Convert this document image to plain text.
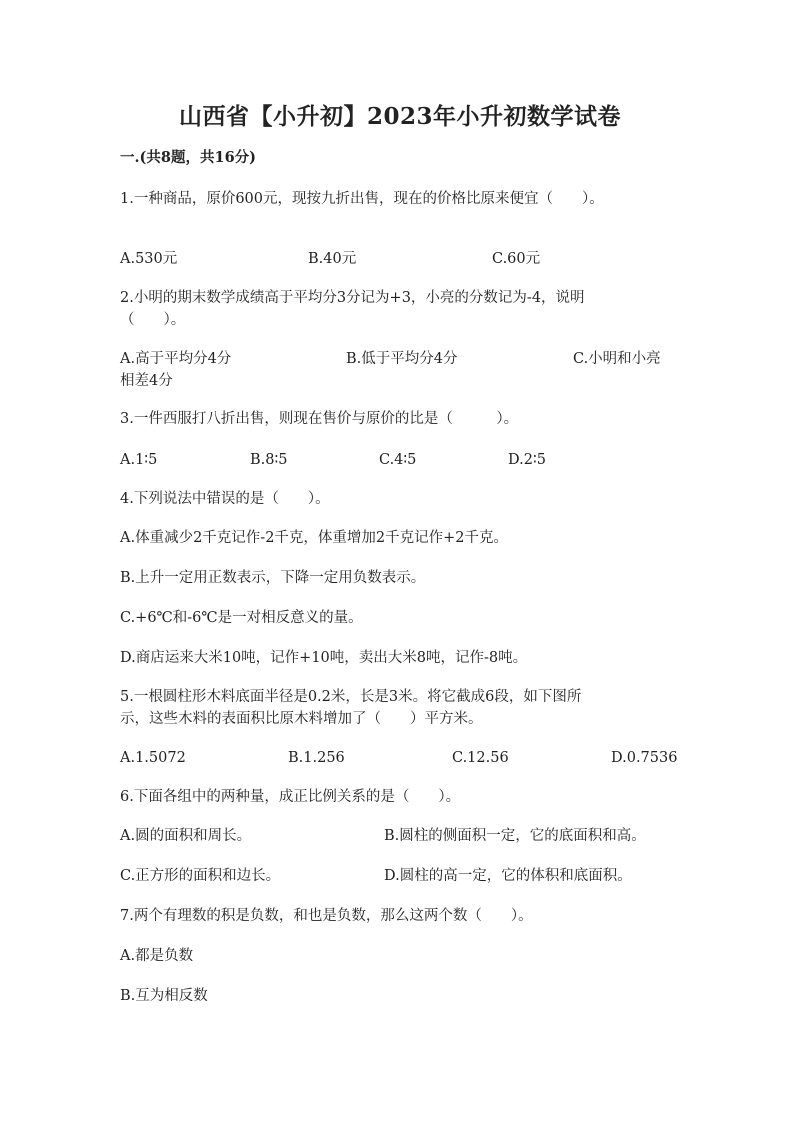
山西省【小升初】2023年小升初数学试卷
一.(共8题，共16分)
1.一种商品，原价600元，现按九折出售，现在的价格比原来便宜（　　）。
A.530元	B.40元	C.60元
2.小明的期末数学成绩高于平均分3分记为+3，小亮的分数记为-4，说明
（　　）。
A.高于平均分4分	B.低于平均分4分	C.小明和小亮
相差4分
3.一件西服打八折出售，则现在售价与原价的比是（　　　）。
A.1∶5	B.8∶5	C.4∶5	D.2∶5
4.下列说法中错误的是（　　）。
A.体重减少2千克记作-2千克，体重增加2千克记作+2千克。
B.上升一定用正数表示，下降一定用负数表示。
C.+6℃和-6℃是一对相反意义的量。
D.商店运来大米10吨，记作+10吨，卖出大米8吨，记作-8吨。
5.一根圆柱形木料底面半径是0.2米，长是3米。将它截成6段，如下图所
示，这些木料的表面积比原木料增加了（　　）平方米。
A.1.5072	B.1.256	C.12.56	D.0.7536
6.下面各组中的两种量，成正比例关系的是（　　）。
A.圆的面积和周长。	B.圆柱的侧面积一定，它的底面积和高。
C.正方形的面积和边长。	D.圆柱的高一定，它的体积和底面积。
7.两个有理数的积是负数，和也是负数，那么这两个数（　　）。
A.都是负数
B.互为相反数
